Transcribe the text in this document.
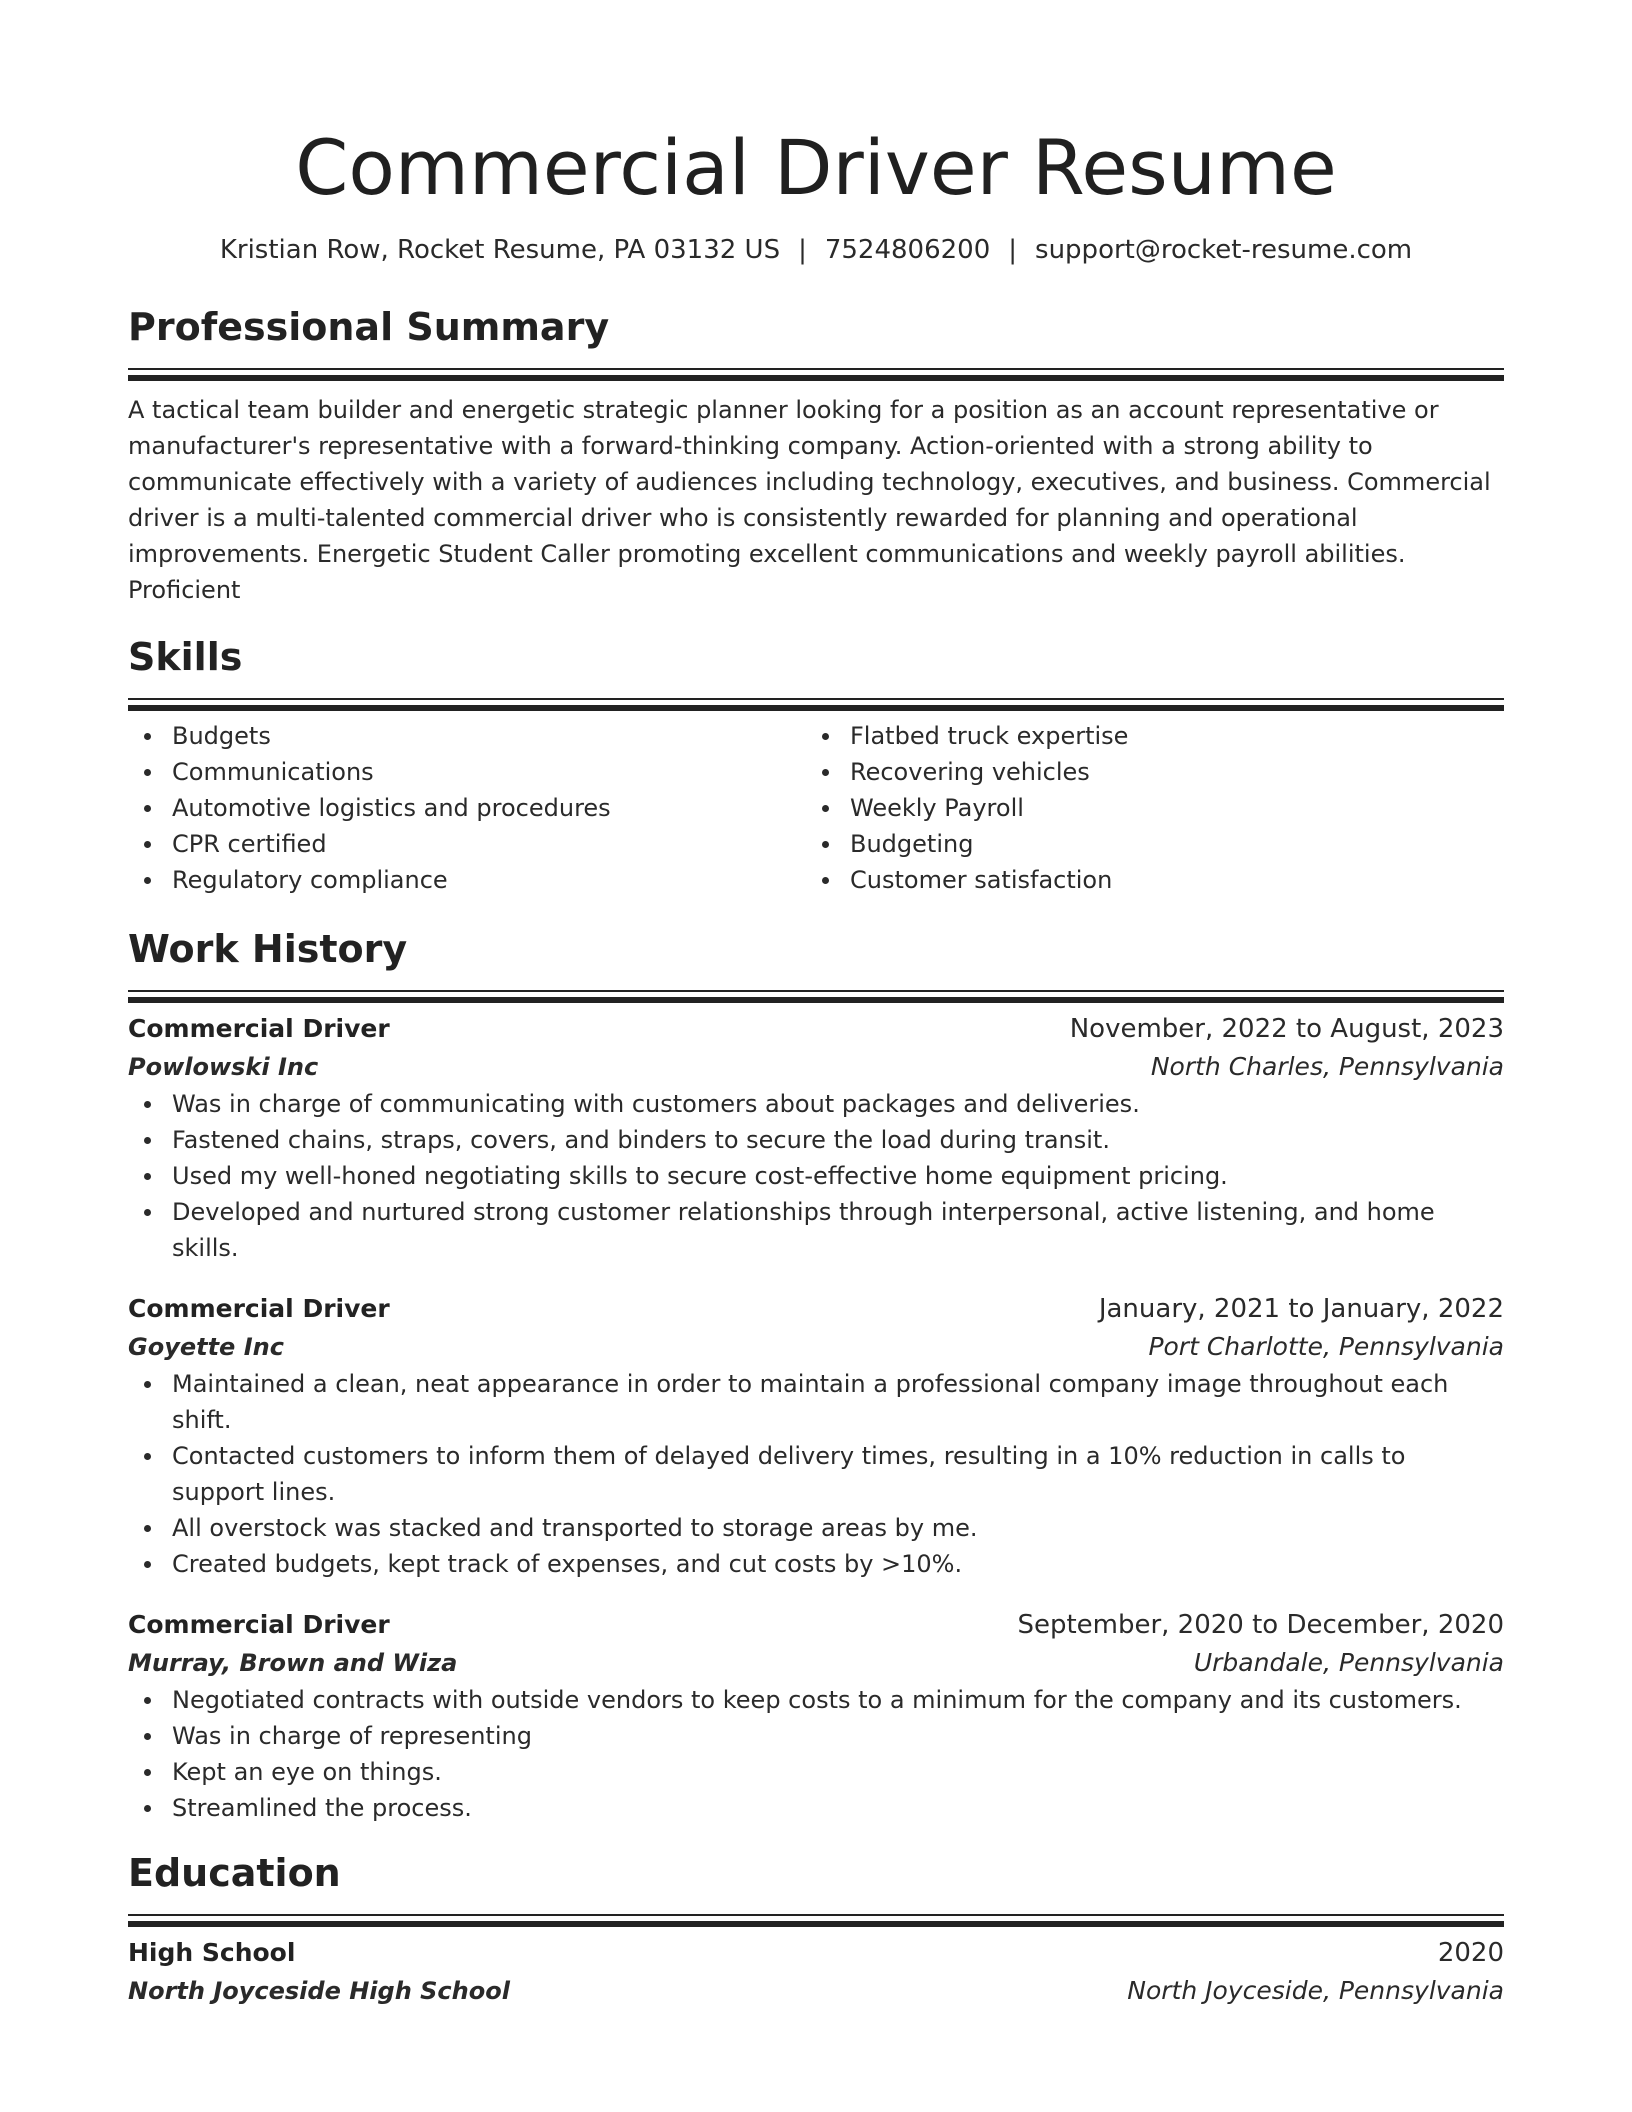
Commercial Driver Resume
Kristian Row, Rocket Resume, PA 03132 US | 7524806200 | support@rocket-resume.com
Professional Summary

A tactical team builder and energetic strategic planner looking for a position as an account representative or manufacturer's representative with a forward-thinking company. Action-oriented with a strong ability to communicate effectively with a variety of audiences including technology, executives, and business. Commercial driver is a multi-talented commercial driver who is consistently rewarded for planning and operational improvements. Energetic Student Caller promoting excellent communications and weekly payroll abilities. Proficient

Skills
Budgets
Communications
Automotive logistics and procedures
CPR certified
Regulatory compliance
Flatbed truck expertise
Recovering vehicles
Weekly Payroll
Budgeting
Customer satisfaction
Work History
Commercial Driver	November, 2022 to August, 2023
Powlowski Inc	North Charles, Pennsylvania
Was in charge of communicating with customers about packages and deliveries.
Fastened chains, straps, covers, and binders to secure the load during transit.
Used my well-honed negotiating skills to secure cost-effective home equipment pricing.
Developed and nurtured strong customer relationships through interpersonal, active listening, and home skills.
Commercial Driver	January, 2021 to January, 2022
Goyette Inc	Port Charlotte, Pennsylvania
Maintained a clean, neat appearance in order to maintain a professional company image throughout each shift.
Contacted customers to inform them of delayed delivery times, resulting in a 10% reduction in calls to support lines.
All overstock was stacked and transported to storage areas by me.
Created budgets, kept track of expenses, and cut costs by >10%.
Commercial Driver	September, 2020 to December, 2020
Murray, Brown and Wiza	Urbandale, Pennsylvania
Negotiated contracts with outside vendors to keep costs to a minimum for the company and its customers.
Was in charge of representing
Kept an eye on things.
Streamlined the process.
Education
High School	2020
North Joyceside High School	North Joyceside, Pennsylvania
